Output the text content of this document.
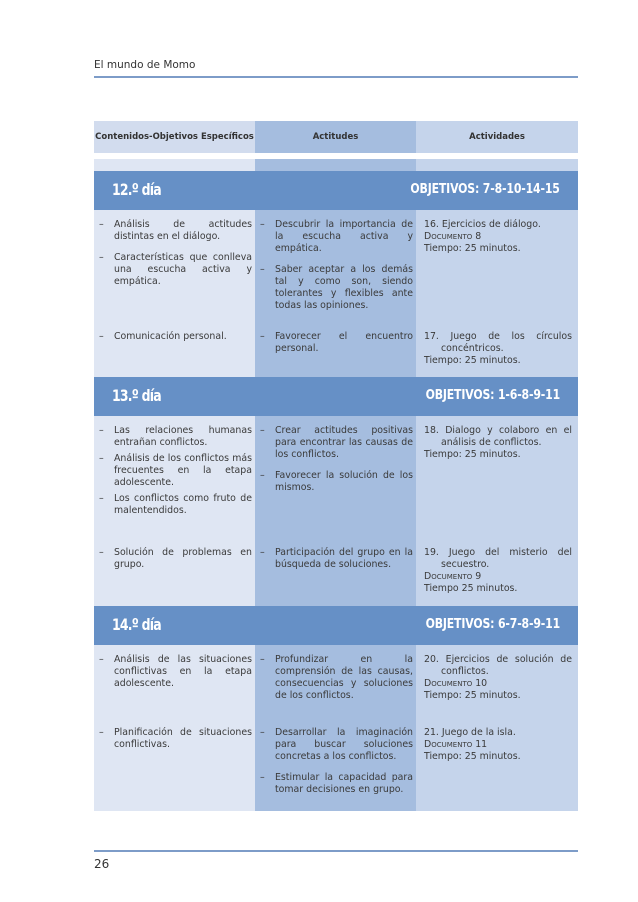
El mundo de Momo
Contenidos-Objetivos Específicos	Actitudes	Actividades
12.º día	OBJETIVOS: 7-8-10-14-15
– Análisis de actitudes distintas en el diálogo.
– Características que conlleva una escucha activa y empática.
– Descubrir la importancia de la escucha activa y empática.
– Saber aceptar a los demás tal y como son, siendo tolerantes y flexibles ante todas las opiniones.
16. Ejercicios de diálogo.
Documento 8
Tiempo: 25 minutos.
– Comunicación personal.
–	Favorecer el encuentro personal.
17. Juego de los círculos concéntricos.
Tiempo: 25 minutos.
13.º día	OBJETIVOS: 1-6-8-9-11
– Las relaciones humanas entrañan conflictos.
– Análisis de los conflictos más frecuentes en la etapa adolescente.
– Los conflictos como fruto de malentendidos.
– Crear actitudes positivas para encontrar las causas de los conflictos.
– Favorecer la solución de los mismos.
18. Dialogo y colaboro en el análisis de conflictos.
Tiempo: 25 minutos.
– Solución de problemas en grupo.
– Participación del grupo en la búsqueda de soluciones.
19. Juego del misterio del secuestro.
Documento 9
Tiempo 25 minutos.
14.º día	OBJETIVOS: 6-7-8-9-11
– Análisis de las situaciones conflictivas en la etapa adolescente.
– Profundizar en la comprensión de las causas, consecuencias y soluciones de los conflictos.
20. Ejercicios de solución de conflictos.
Documento 10
Tiempo: 25 minutos.
– Planificación de situaciones conflictivas.
– Desarrollar la imaginación para buscar soluciones concretas a los conflictos.
– Estimular la capacidad para tomar decisiones en grupo.
21. Juego de la isla.
Documento 11
Tiempo: 25 minutos.
26
